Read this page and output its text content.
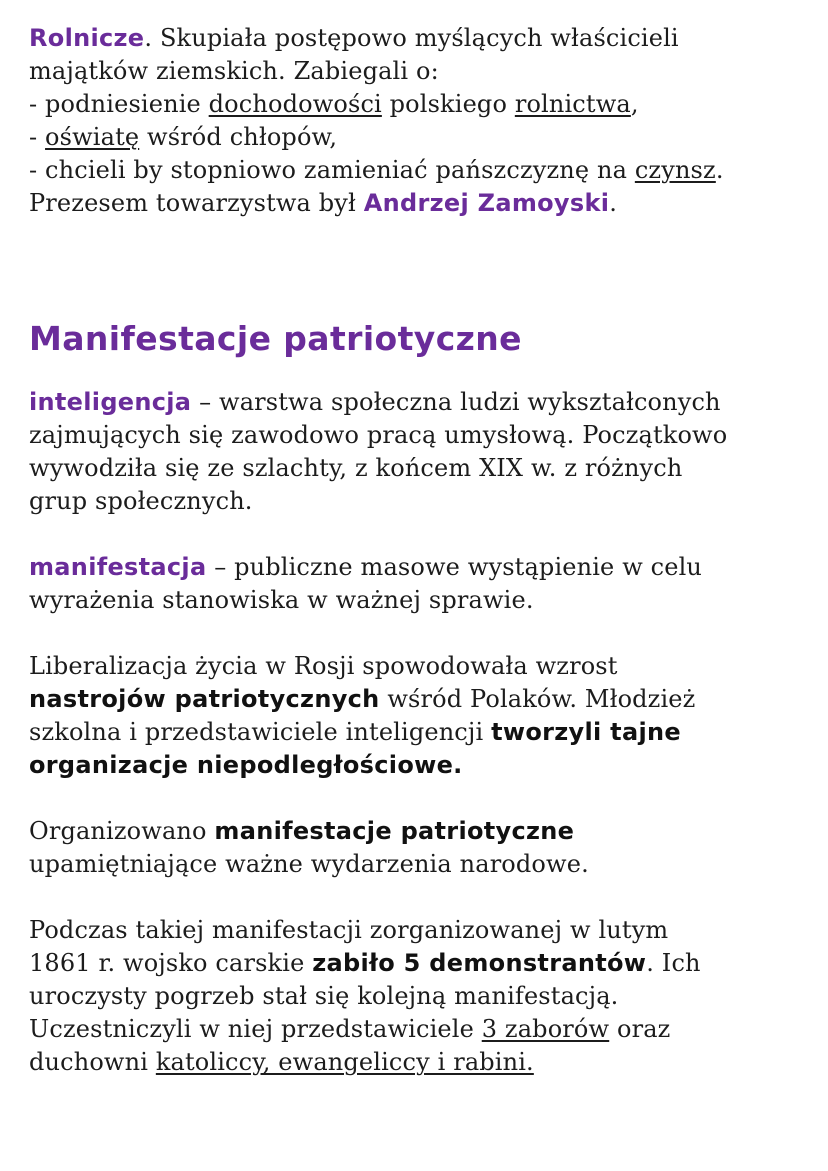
Rolnicze. Skupiała postępowo myślących właścicieli
majątków ziemskich. Zabiegali o:
- podniesienie dochodowości polskiego rolnictwa,
- oświatę wśród chłopów,
- chcieli by stopniowo zamieniać pańszczyznę na czynsz.
Prezesem towarzystwa był Andrzej Zamoyski.

Manifestacje patriotyczne

inteligencja – warstwa społeczna ludzi wykształconych
zajmujących się zawodowo pracą umysłową. Początkowo
wywodziła się ze szlachty, z końcem XIX w. z różnych
grup społecznych.

manifestacja – publiczne masowe wystąpienie w celu
wyrażenia stanowiska w ważnej sprawie.

Liberalizacja życia w Rosji spowodowała wzrost
nastrojów patriotycznych wśród Polaków. Młodzież
szkolna i przedstawiciele inteligencji tworzyli tajne
organizacje niepodległościowe.

Organizowano manifestacje patriotyczne
upamiętniające ważne wydarzenia narodowe.

Podczas takiej manifestacji zorganizowanej w lutym
1861 r. wojsko carskie zabiło 5 demonstrantów. Ich
uroczysty pogrzeb stał się kolejną manifestacją.
Uczestniczyli w niej przedstawiciele 3 zaborów oraz
duchowni katoliccy, ewangeliccy i rabini.
